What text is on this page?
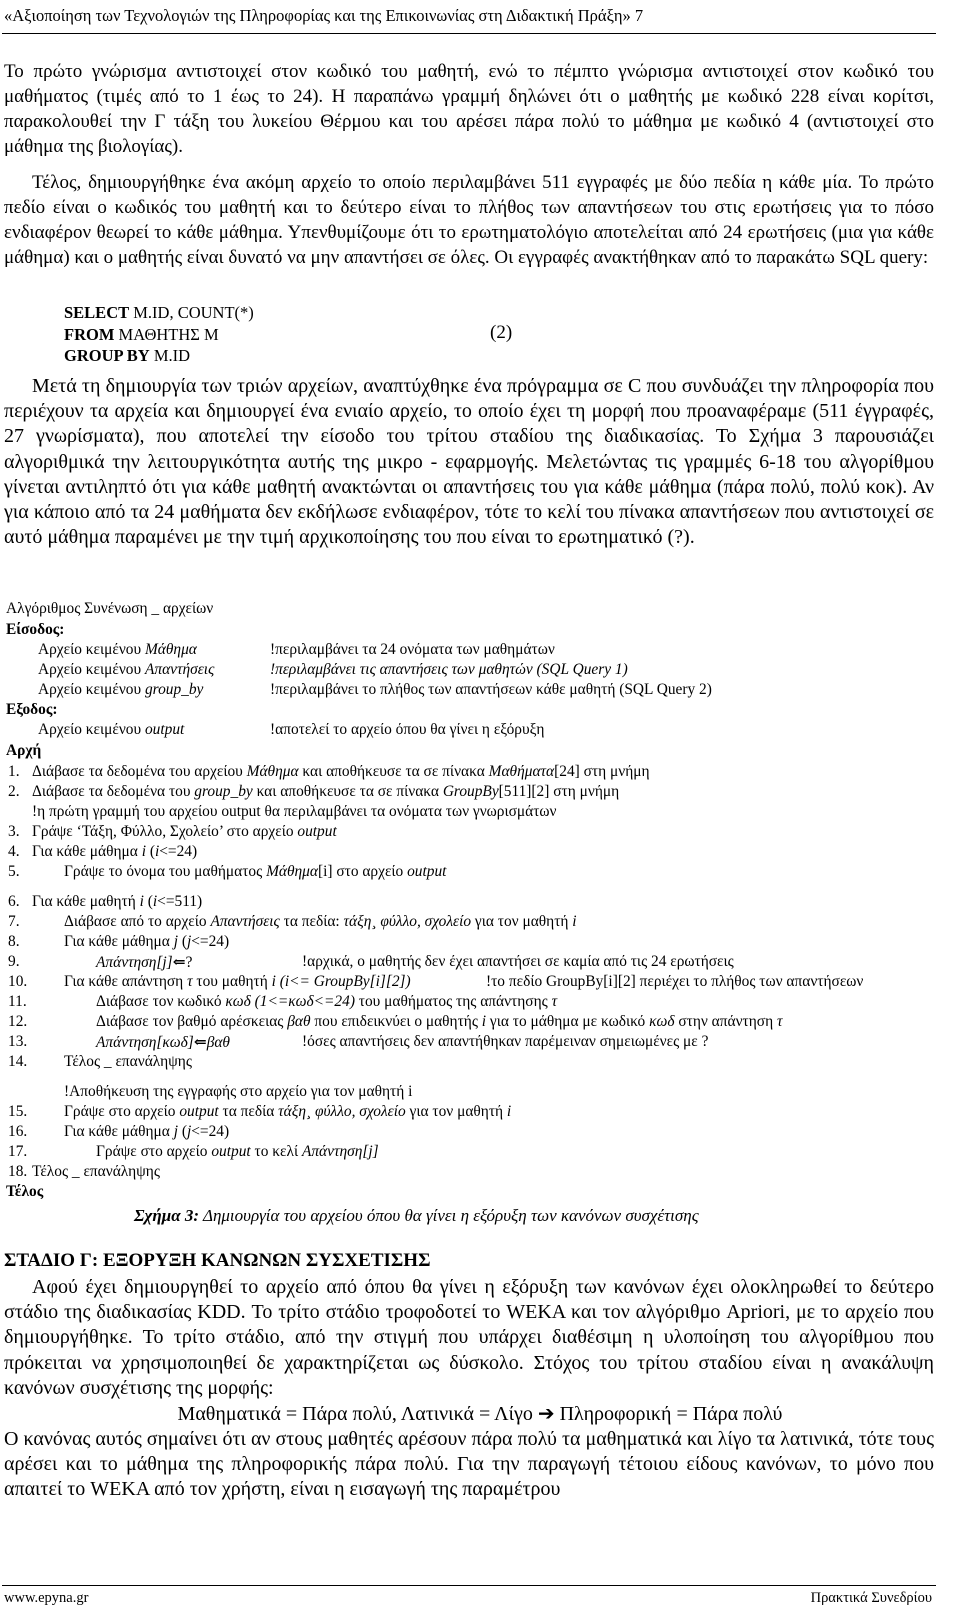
«Αξιοποίηση των Τεχνολογιών της Πληροφορίας και της Επικοινωνίας στη Διδακτική Πράξη» 7

Το πρώτο γνώρισμα αντιστοιχεί στον κωδικό του μαθητή, ενώ το πέμπτο γνώρισμα αντιστοιχεί στον κωδικό του μαθήματος (τιμές από το 1 έως το 24). Η παραπάνω γραμμή δηλώνει ότι ο μαθητής με κωδικό 228 είναι κορίτσι, παρακολουθεί την Γ τάξη του λυκείου Θέρμου και του αρέσει πάρα πολύ το μάθημα με κωδικό 4 (αντιστοιχεί στο μάθημα της βιολογίας).

Τέλος, δημιουργήθηκε ένα ακόμη αρχείο το οποίο περιλαμβάνει 511 εγγραφές με δύο πεδία η κάθε μία. Το πρώτο πεδίο είναι ο κωδικός του μαθητή και το δεύτερο είναι το πλήθος των απαντήσεων του στις ερωτήσεις για το πόσο ενδιαφέρον θεωρεί το κάθε μάθημα. Υπενθυμίζουμε ότι το ερωτηματολόγιο αποτελείται από 24 ερωτήσεις (μια για κάθε μάθημα) και ο μαθητής είναι δυνατό να μην απαντήσει σε όλες. Οι εγγραφές ανακτήθηκαν από το παρακάτω SQL query:

SELECT M.ID, COUNT(*)
FROM ΜΑΘΗΤΗΣ Μ
GROUP BY M.ID
(2)

Μετά τη δημιουργία των τριών αρχείων, αναπτύχθηκε ένα πρόγραμμα σε C που συνδυάζει την πληροφορία που περιέχουν τα αρχεία και δημιουργεί ένα ενιαίο αρχείο, το οποίο έχει τη μορφή που προαναφέραμε (511 έγγραφές, 27 γνωρίσματα), που αποτελεί την είσοδο του τρίτου σταδίου της διαδικασίας. Το Σχήμα 3 παρουσιάζει αλγοριθμικά την λειτουργικότητα αυτής της μικρο - εφαρμογής. Μελετώντας τις γραμμές 6-18 του αλγορίθμου γίνεται αντιληπτό ότι για κάθε μαθητή ανακτώνται οι απαντήσεις του για κάθε μάθημα (πάρα πολύ, πολύ κοκ). Αν για κάποιο από τα 24 μαθήματα δεν εκδήλωσε ενδιαφέρον, τότε το κελί του πίνακα απαντήσεων που αντιστοιχεί σε αυτό μάθημα παραμένει με την τιμή αρχικοποίησης του που είναι το ερωτηματικό (?).

Αλγόριθμος Συνένωση _ αρχείων
Είσοδος:
Αρχείο κειμένου Μάθημα	!περιλαμβάνει τα 24 ονόματα των μαθημάτων
Αρχείο κειμένου Απαντήσεις	!περιλαμβάνει τις απαντήσεις των μαθητών (SQL Query 1)
Αρχείο κειμένου group_by	!περιλαμβάνει το πλήθος των απαντήσεων κάθε μαθητή (SQL Query 2)
Εξοδος:
Αρχείο κειμένου output	!αποτελεί το αρχείο όπου θα γίνει η εξόρυξη
Αρχή
1. Διάβασε τα δεδομένα του αρχείου Μάθημα και αποθήκευσε τα σε πίνακα Μαθήματα[24] στη μνήμη
2. Διάβασε τα δεδομένα του group_by και αποθήκευσε τα σε πίνακα GroupBy[511][2] στη μνήμη
!η πρώτη γραμμή του αρχείου output θα περιλαμβάνει τα ονόματα των γνωρισμάτων
3. Γράψε ‘Τάξη, Φύλλο, Σχολείο’ στο αρχείο output
4. Για κάθε μάθημα i (i<=24)
5.	Γράψε το όνομα του μαθήματος Μάθημα[i] στο αρχείο output
6. Για κάθε μαθητή i (i<=511)
7.	Διάβασε από το αρχείο Απαντήσεις τα πεδία: τάξη¸ φύλλο, σχολείο για τον μαθητή i
8.	Για κάθε μάθημα j (j<=24)
9.	Απάντηση[j]⇐?	!αρχικά, ο μαθητής δεν έχει απαντήσει σε καμία από τις 24 ερωτήσεις
10. Για κάθε απάντηση τ του μαθητή i (i<= GroupBy[i][2])	!το πεδίο GroupBy[i][2] περιέχει το πλήθος των απαντήσεων
11.	Διάβασε τον κωδικό κωδ (1<=κωδ<=24) του μαθήματος της απάντησης τ
12.	Διάβασε τον βαθμό αρέσκειας βαθ που επιδεικνύει ο μαθητής i για το μάθημα με κωδικό κωδ στην απάντηση τ
13.	Απάντηση[κωδ]⇐βαθ	!όσες απαντήσεις δεν απαντήθηκαν παρέμειναν σημειωμένες με ?
14. Τέλος _ επανάληψης
!Αποθήκευση της εγγραφής στο αρχείο για τον μαθητή i
15. Γράψε στο αρχείο output τα πεδία τάξη¸ φύλλο, σχολείο για τον μαθητή i
16. Για κάθε μάθημα j (j<=24)
17.	Γράψε στο αρχείο output το κελί Απάντηση[j]
18. Τέλος _ επανάληψης
Τέλος
Σχήμα 3: Δημιουργία του αρχείου όπου θα γίνει η εξόρυξη των κανόνων συσχέτισης
ΣΤΑΔΙΟ Γ: ΕΞΟΡΥΞΗ ΚΑΝΩΝΩΝ ΣΥΣΧΕΤΙΣΗΣ

Αφού έχει δημιουργηθεί το αρχείο από όπου θα γίνει η εξόρυξη των κανόνων έχει ολοκληρωθεί το δεύτερο στάδιο της διαδικασίας KDD. Το τρίτο στάδιο τροφοδοτεί το WEKA και τον αλγόριθμο Apriori, με το αρχείο που δημιουργήθηκε. Το τρίτο στάδιο, από την στιγμή που υπάρχει διαθέσιμη η υλοποίηση του αλγορίθμου που πρόκειται να χρησιμοποιηθεί δε χαρακτηρίζεται ως δύσκολο. Στόχος του τρίτου σταδίου είναι η ανακάλυψη κανόνων συσχέτισης της μορφής:

Μαθηματικά = Πάρα πολύ, Λατινικά = Λίγο ➔ Πληροφορική = Πάρα πολύ

Ο κανόνας αυτός σημαίνει ότι αν στους μαθητές αρέσουν πάρα πολύ τα μαθηματικά και λίγο τα λατινικά, τότε τους αρέσει και το μάθημα της πληροφορικής πάρα πολύ. Για την παραγωγή τέτοιου είδους κανόνων, το μόνο που απαιτεί το WEKA από τον χρήστη, είναι η εισαγωγή της παραμέτρου

www.epyna.gr	Πρακτικά Συνεδρίου
